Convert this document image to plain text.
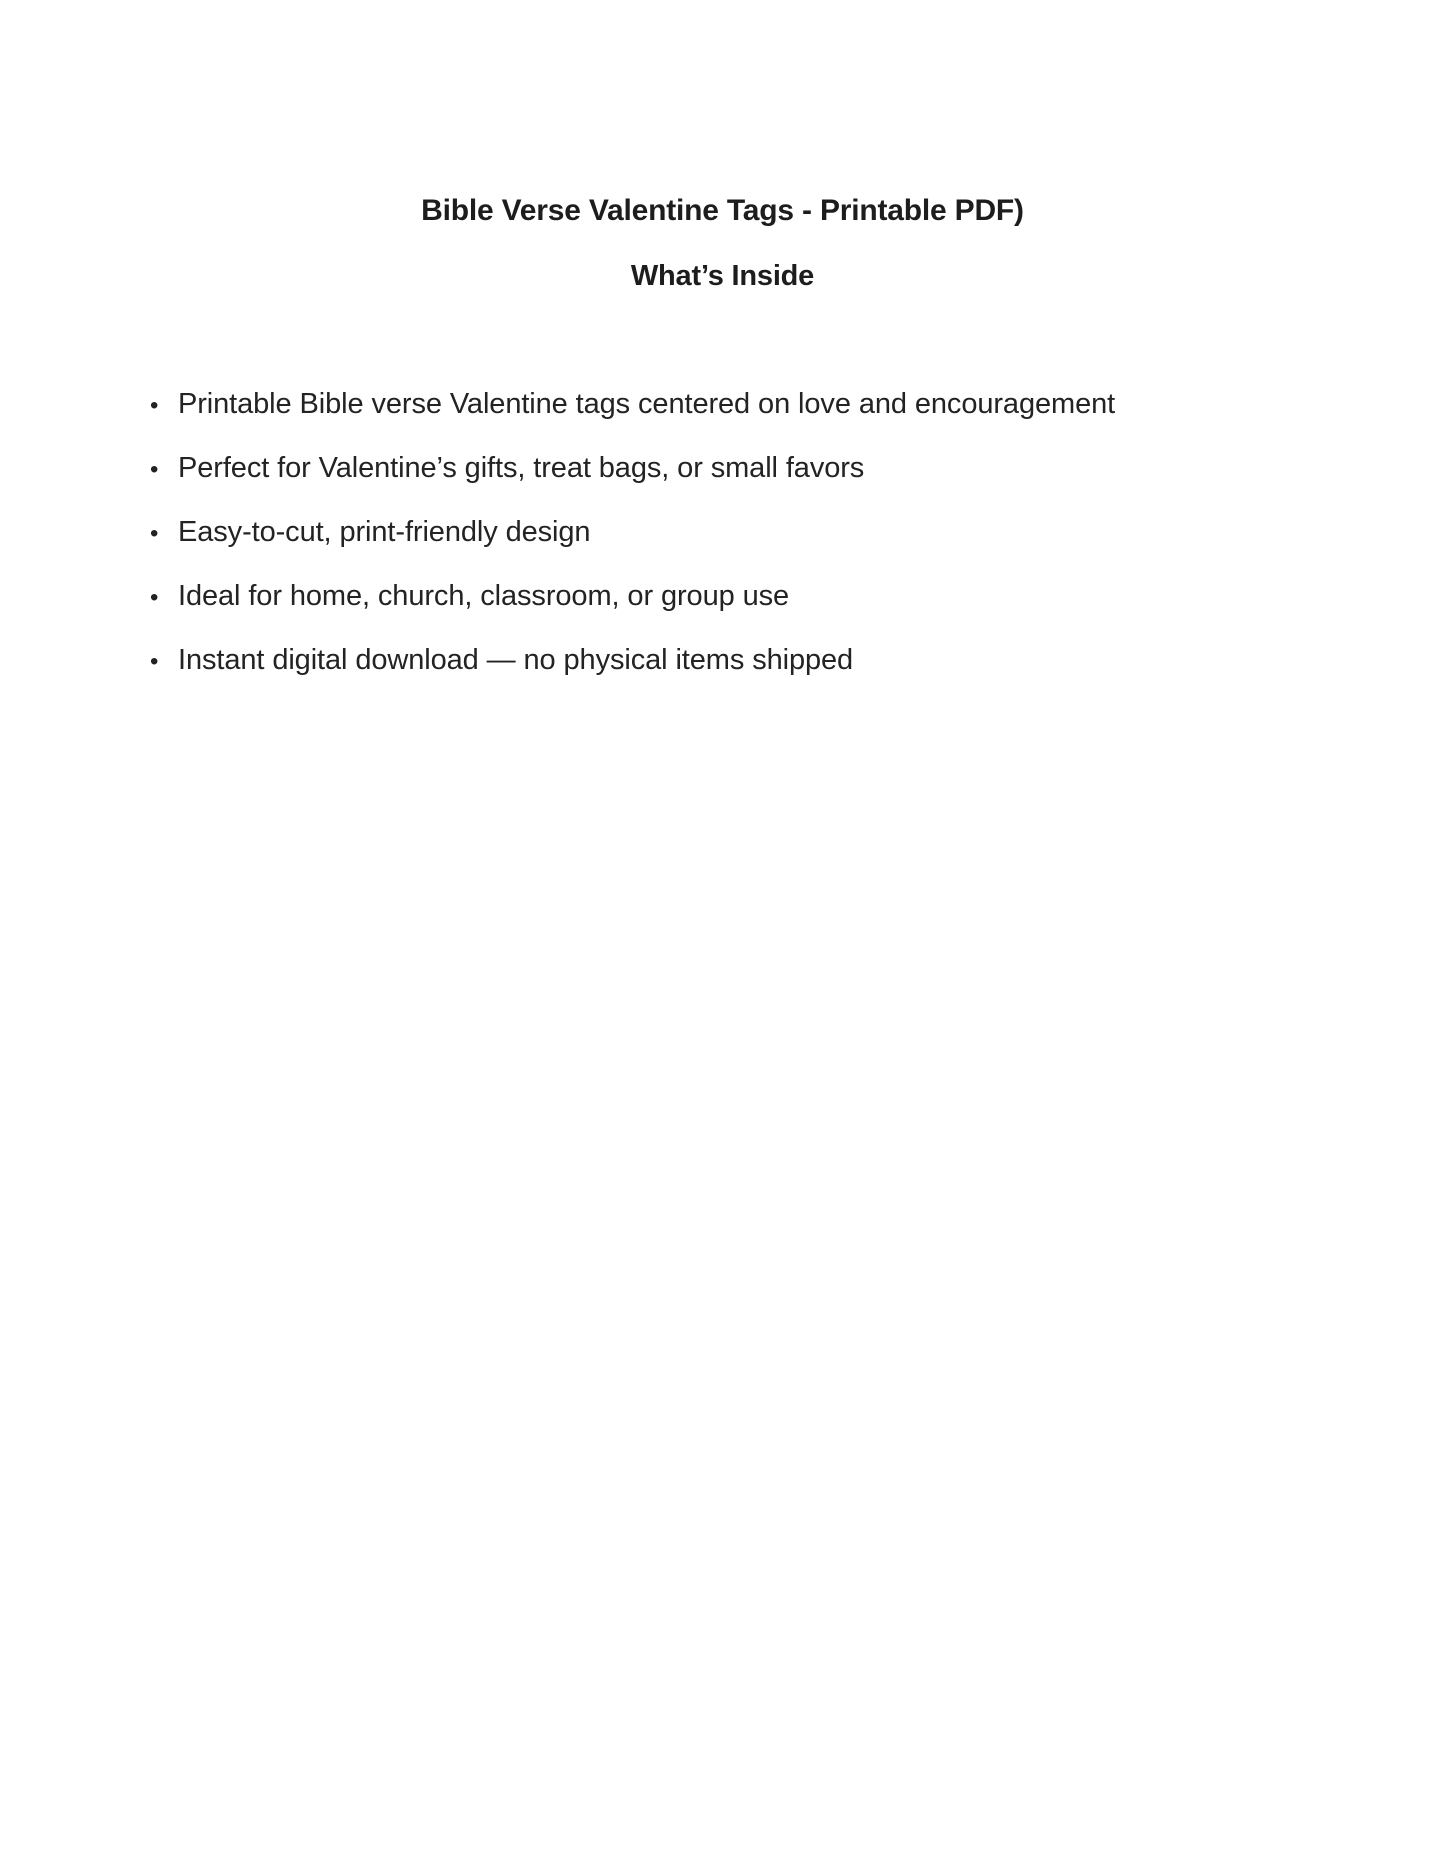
Bible Verse Valentine Tags - Printable PDF)
What’s Inside
• Printable Bible verse Valentine tags centered on love and encouragement
• Perfect for Valentine’s gifts, treat bags, or small favors
• Easy-to-cut, print-friendly design
• Ideal for home, church, classroom, or group use
• Instant digital download — no physical items shipped
